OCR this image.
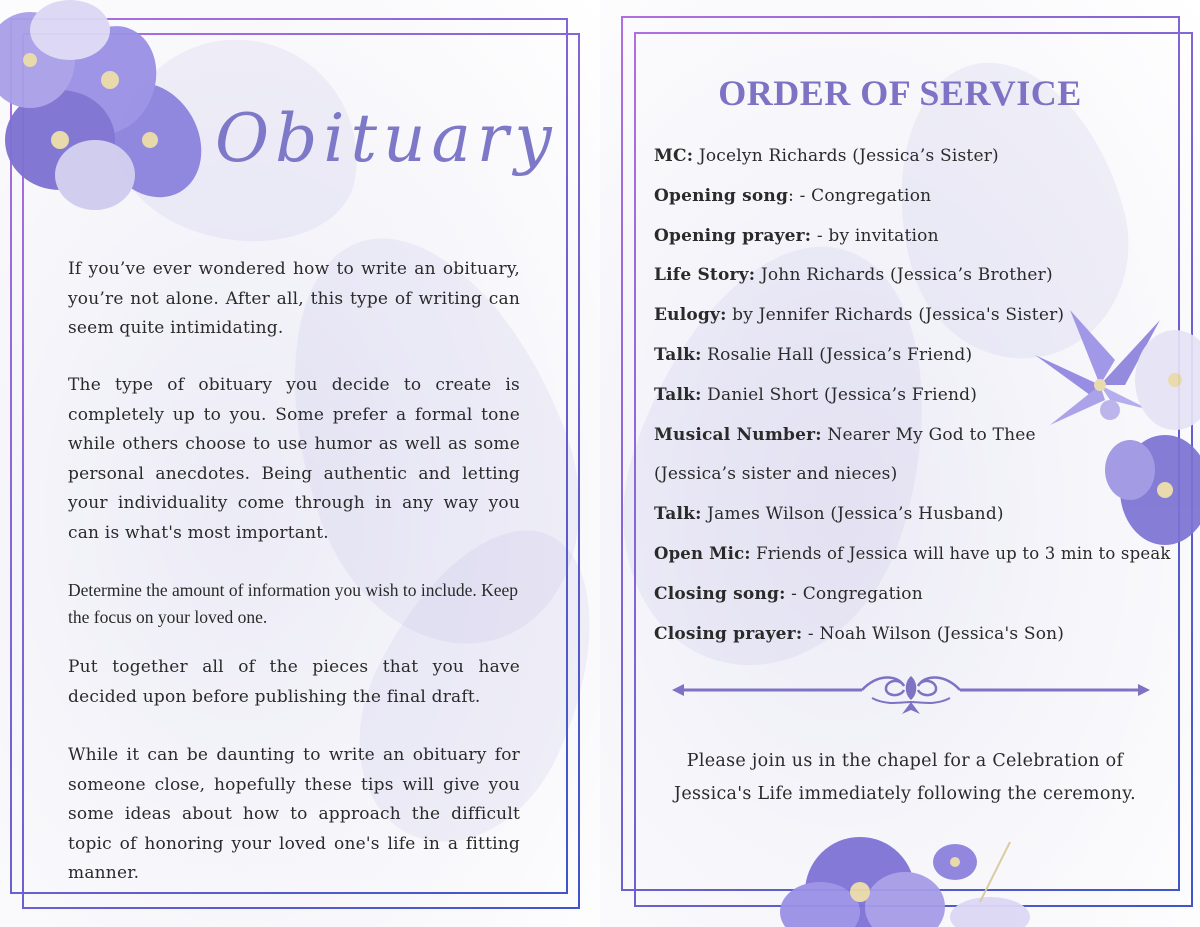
Obituary

If you’ve ever wondered how to write an obituary, you’re not alone. After all, this type of writing can seem quite intimidating.

The type of obituary you decide to create is completely up to you. Some prefer a formal tone while others choose to use humor as well as some personal anecdotes. Being authentic and letting your individuality come through in any way you can is what's most important.

Determine the amount of information you wish to include. Keep the focus on your loved one.

Put together all of the pieces that you have decided upon before publishing the final draft.

While it can be daunting to write an obituary for someone close, hopefully these tips will give you some ideas about how to approach the difficult topic of honoring your loved one's life in a fitting manner.

ORDER OF SERVICE
MC: Jocelyn Richards (Jessica’s Sister)
Opening song: - Congregation
Opening prayer: - by invitation
Life Story: John Richards (Jessica’s Brother)
Eulogy: by Jennifer Richards (Jessica's Sister)
Talk: Rosalie Hall (Jessica’s Friend)
Talk: Daniel Short (Jessica’s Friend)
Musical Number: Nearer My God to Thee
(Jessica’s sister and nieces)
Talk: James Wilson (Jessica’s Husband)
Open Mic: Friends of Jessica will have up to 3 min to speak
Closing song: - Congregation
Closing prayer: - Noah Wilson (Jessica's Son)

Please join us in the chapel for a Celebration of
Jessica's Life immediately following the ceremony.
